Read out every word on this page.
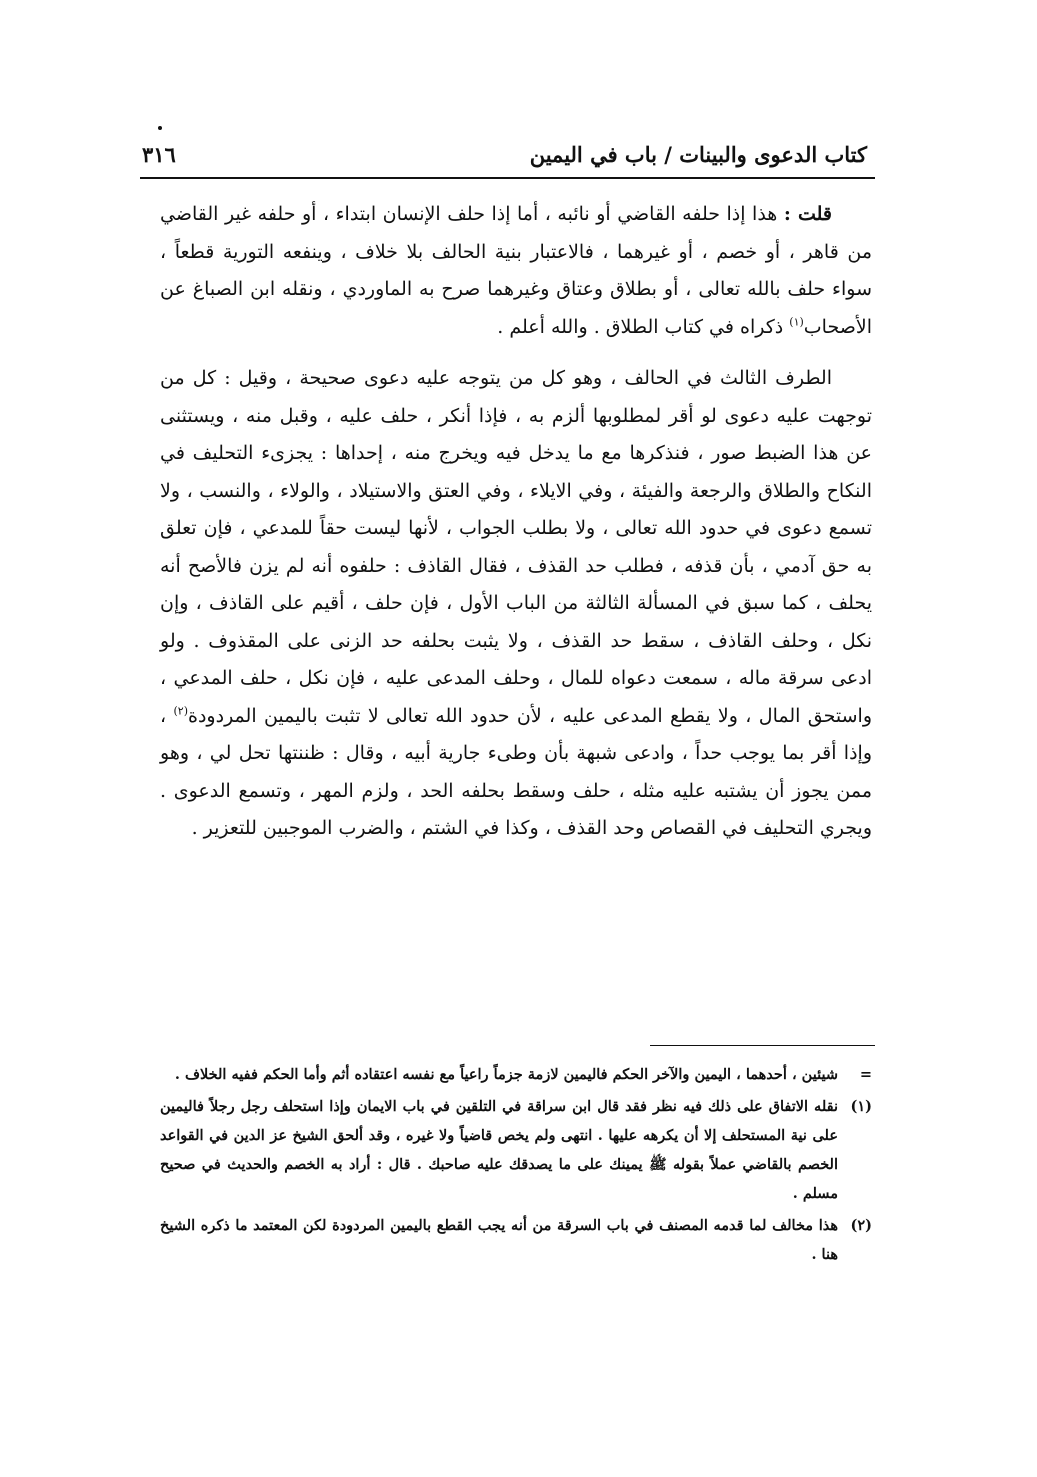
كتاب الدعوى والبينات / باب في اليمين
٣١٦

قلت : هذا إذا حلفه القاضي أو نائبه ، أما إذا حلف الإنسان ابتداء ، أو حلفه غير القاضي من قاهر ، أو خصم ، أو غيرهما ، فالاعتبار بنية الحالف بلا خلاف ، وينفعه التورية قطعاً ، سواء حلف بالله تعالى ، أو بطلاق وعتاق وغيرهما صرح به الماوردي ، ونقله ابن الصباغ عن الأصحاب$^{(١)}$ ذكراه في كتاب الطلاق . والله أعلم .

الطرف الثالث في الحالف ، وهو كل من يتوجه عليه دعوى صحيحة ، وقيل : كل من توجهت عليه دعوى لو أقر لمطلوبها ألزم به ، فإذا أنكر ، حلف عليه ، وقبل منه ، ويستثنى عن هذا الضبط صور ، فنذكرها مع ما يدخل فيه ويخرج منه ، إحداها : يجزىء التحليف في النكاح والطلاق والرجعة والفيئة ، وفي الايلاء ، وفي العتق والاستيلاد ، والولاء ، والنسب ، ولا تسمع دعوى في حدود الله تعالى ، ولا بطلب الجواب ، لأنها ليست حقاً للمدعي ، فإن تعلق به حق آدمي ، بأن قذفه ، فطلب حد القذف ، فقال القاذف : حلفوه أنه لم يزن فالأصح أنه يحلف ، كما سبق في المسألة الثالثة من الباب الأول ، فإن حلف ، أقيم على القاذف ، وإن نكل ، وحلف القاذف ، سقط حد القذف ، ولا يثبت بحلفه حد الزنى على المقذوف . ولو ادعى سرقة ماله ، سمعت دعواه للمال ، وحلف المدعى عليه ، فإن نكل ، حلف المدعي ، واستحق المال ، ولا يقطع المدعى عليه ، لأن حدود الله تعالى لا تثبت باليمين المردودة$^{(٢)}$ ، وإذا أقر بما يوجب حداً ، وادعى شبهة بأن وطىء جارية أبيه ، وقال : ظننتها تحل لي ، وهو ممن يجوز أن يشتبه عليه مثله ، حلف وسقط بحلفه الحد ، ولزم المهر ، وتسمع الدعوى . ويجري التحليف في القصاص وحد القذف ، وكذا في الشتم ، والضرب الموجبين للتعزير .

=
شيئين ، أحدهما ، اليمين والآخر الحكم فاليمين لازمة جزماً راعياً مع نفسه اعتقاده أثم وأما الحكم ففيه الخلاف .
(١)
نقله الاتفاق على ذلك فيه نظر فقد قال ابن سراقة في التلقين في باب الايمان وإذا استحلف رجل رجلاً فاليمين على نية المستحلف إلا أن يكرهه عليها . انتهى ولم يخص قاضياً ولا غيره ، وقد ألحق الشيخ عز الدين في القواعد الخصم بالقاضي عملاً بقوله ﷺ يمينك على ما يصدقك عليه صاحبك . قال : أراد به الخصم والحديث في صحيح مسلم .
(٢)
هذا مخالف لما قدمه المصنف في باب السرقة من أنه يجب القطع باليمين المردودة لكن المعتمد ما ذكره الشيخ هنا .
